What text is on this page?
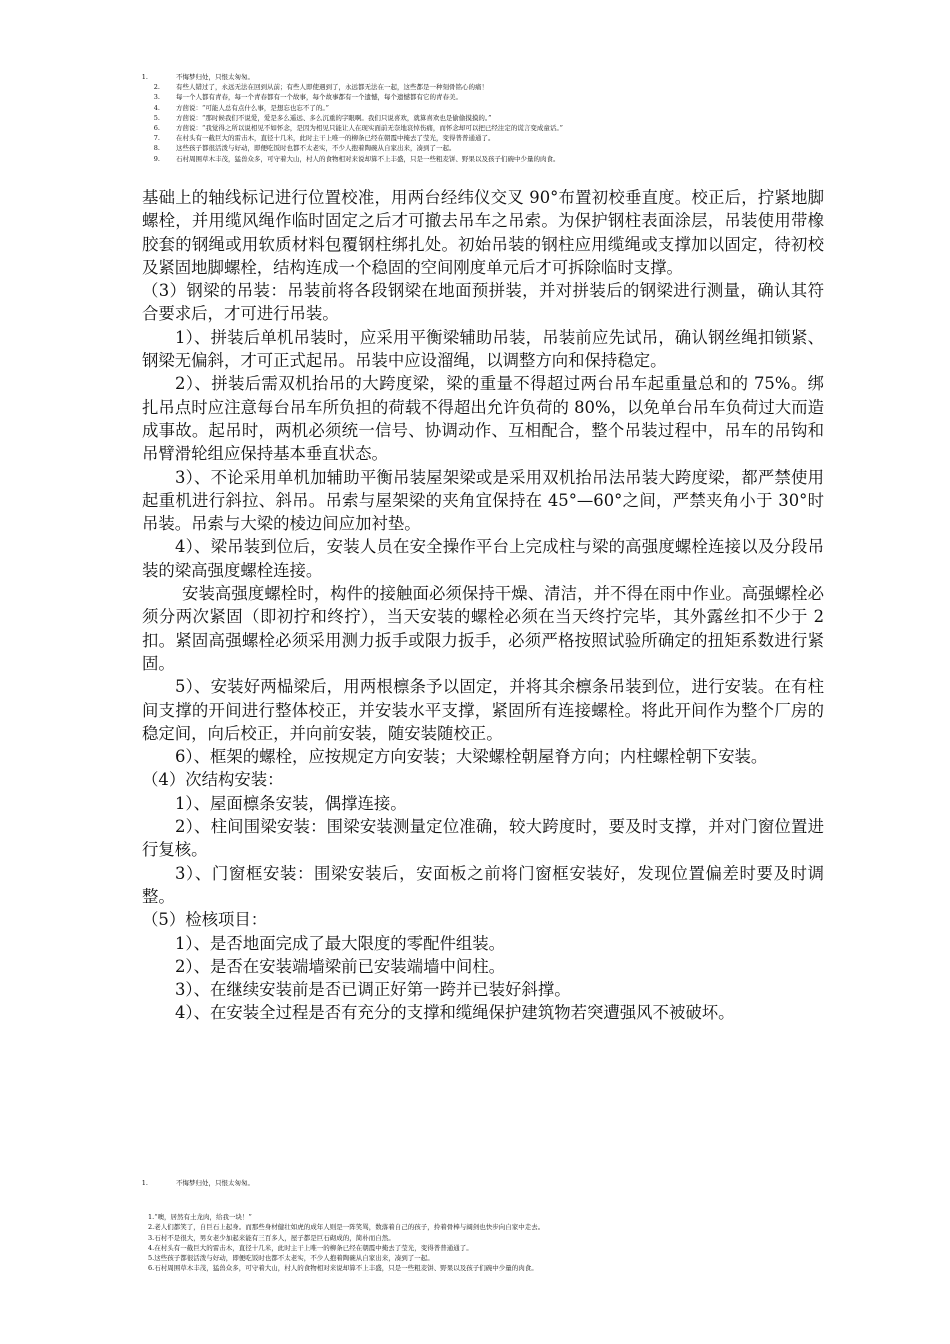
1.	不悔梦归处，只恨太匆匆。
2. 有些人错过了，永远无法在回到从前；有些人即使遇到了，永远都无法在一起，这些都是一种刻骨铭心的痛！
3. 每一个人都有青春，每一个青春都有一个故事，每个故事都有一个遗憾，每个遗憾都有它的青春美。
4. 方茴说：“可能人总有点什么事，是想忘也忘不了的。”
5. 方茴说：“那时候我们不说爱，爱是多么遥远、多么沉重的字眼啊。我们只说喜欢，就算喜欢也是偷偷摸摸的。”
6. 方茴说：“我觉得之所以说相见不如怀念，是因为相见只能让人在现实面前无奈地哀悼伤痛，而怀念却可以把已经注定的谎言变成童话。”
7. 在村头有一截巨大的雷击木，直径十几米，此时主干上唯一的柳条已经在朝霞中掩去了莹光，变得普普通通了。
8. 这些孩子都很活泼与好动，即便吃饭时也都不太老实，不少人抱着陶碗从自家出来，凑到了一起。
9. 石村周围草木丰茂，猛兽众多，可守着大山，村人的食物相对来说却算不上丰盛，只是一些粗麦饼、野果以及孩子们碗中少量的肉食。

基础上的轴线标记进行位置校准，用两台经纬仪交叉 90°布置初校垂直度。校正后，拧紧地脚螺栓，并用缆风绳作临时固定之后才可撤去吊车之吊索。为保护钢柱表面涂层，吊装使用带橡胶套的钢绳或用软质材料包覆钢柱绑扎处。初始吊装的钢柱应用缆绳或支撑加以固定，待初校及紧固地脚螺栓，结构连成一个稳固的空间刚度单元后才可拆除临时支撑。

（3）钢梁的吊装：吊装前将各段钢梁在地面预拼装，并对拼装后的钢梁进行测量，确认其符合要求后，才可进行吊装。

1）、拼装后单机吊装时，应采用平衡梁辅助吊装，吊装前应先试吊，确认钢丝绳扣锁紧、钢梁无偏斜，才可正式起吊。吊装中应设溜绳，以调整方向和保持稳定。

2）、拼装后需双机抬吊的大跨度梁，梁的重量不得超过两台吊车起重量总和的 75%。绑扎吊点时应注意每台吊车所负担的荷载不得超出允许负荷的 80%，以免单台吊车负荷过大而造成事故。起吊时，两机必须统一信号、协调动作、互相配合，整个吊装过程中，吊车的吊钩和吊臂滑轮组应保持基本垂直状态。

3）、不论采用单机加辅助平衡吊装屋架梁或是采用双机抬吊法吊装大跨度梁，都严禁使用起重机进行斜拉、斜吊。吊索与屋架梁的夹角宜保持在 45°—60°之间，严禁夹角小于 30°时吊装。吊索与大梁的棱边间应加衬垫。

4）、梁吊装到位后，安装人员在安全操作平台上完成柱与梁的高强度螺栓连接以及分段吊装的梁高强度螺栓连接。

安装高强度螺栓时，构件的接触面必须保持干燥、清洁，并不得在雨中作业。高强螺栓必须分两次紧固（即初拧和终拧），当天安装的螺栓必须在当天终拧完毕，其外露丝扣不少于 2 扣。紧固高强螺栓必须采用测力扳手或限力扳手，必须严格按照试验所确定的扭矩系数进行紧固。

5）、安装好两榀梁后，用两根檩条予以固定，并将其余檩条吊装到位，进行安装。在有柱间支撑的开间进行整体校正，并安装水平支撑，紧固所有连接螺栓。将此开间作为整个厂房的稳定间，向后校正，并向前安装，随安装随校正。

6）、框架的螺栓，应按规定方向安装；大梁螺栓朝屋脊方向；内柱螺栓朝下安装。

（4）次结构安装：

1）、屋面檩条安装，偶撑连接。

2）、柱间围梁安装：围梁安装测量定位准确，较大跨度时，要及时支撑，并对门窗位置进行复核。

3）、门窗框安装：围梁安装后，安面板之前将门窗框安装好，发现位置偏差时要及时调整。

（5）检核项目：

1）、是否地面完成了最大限度的零配件组装。

2）、是否在安装端墙梁前已安装端墙中间柱。

3）、在继续安装前是否已调正好第一跨并已装好斜撑。

4）、在安装全过程是否有充分的支撑和缆绳保护建筑物若突遭强风不被破坏。

1.	不悔梦归处，只恨太匆匆。
1.“噢，居然有土龙肉，给我一块！”
2.老人们都笑了，自巨石上起身。而那些身材健壮如虎的成年人则是一阵笑骂，数落着自己的孩子，拎着骨棒与阔剑也快步向自家中走去。
3.石村不是很大，男女老少加起来能有三百多人，屋子都是巨石砌成的，简朴而自然。
4.在村头有一截巨大的雷击木，直径十几米，此时主干上唯一的柳条已经在朝霞中掩去了莹光，变得普普通通了。
5.这些孩子都很活泼与好动，即便吃饭时也都不太老实，不少人抱着陶碗从自家出来，凑到了一起。
6.石村周围草木丰茂，猛兽众多，可守着大山，村人的食物相对来说却算不上丰盛，只是一些粗麦饼、野果以及孩子们碗中少量的肉食。
